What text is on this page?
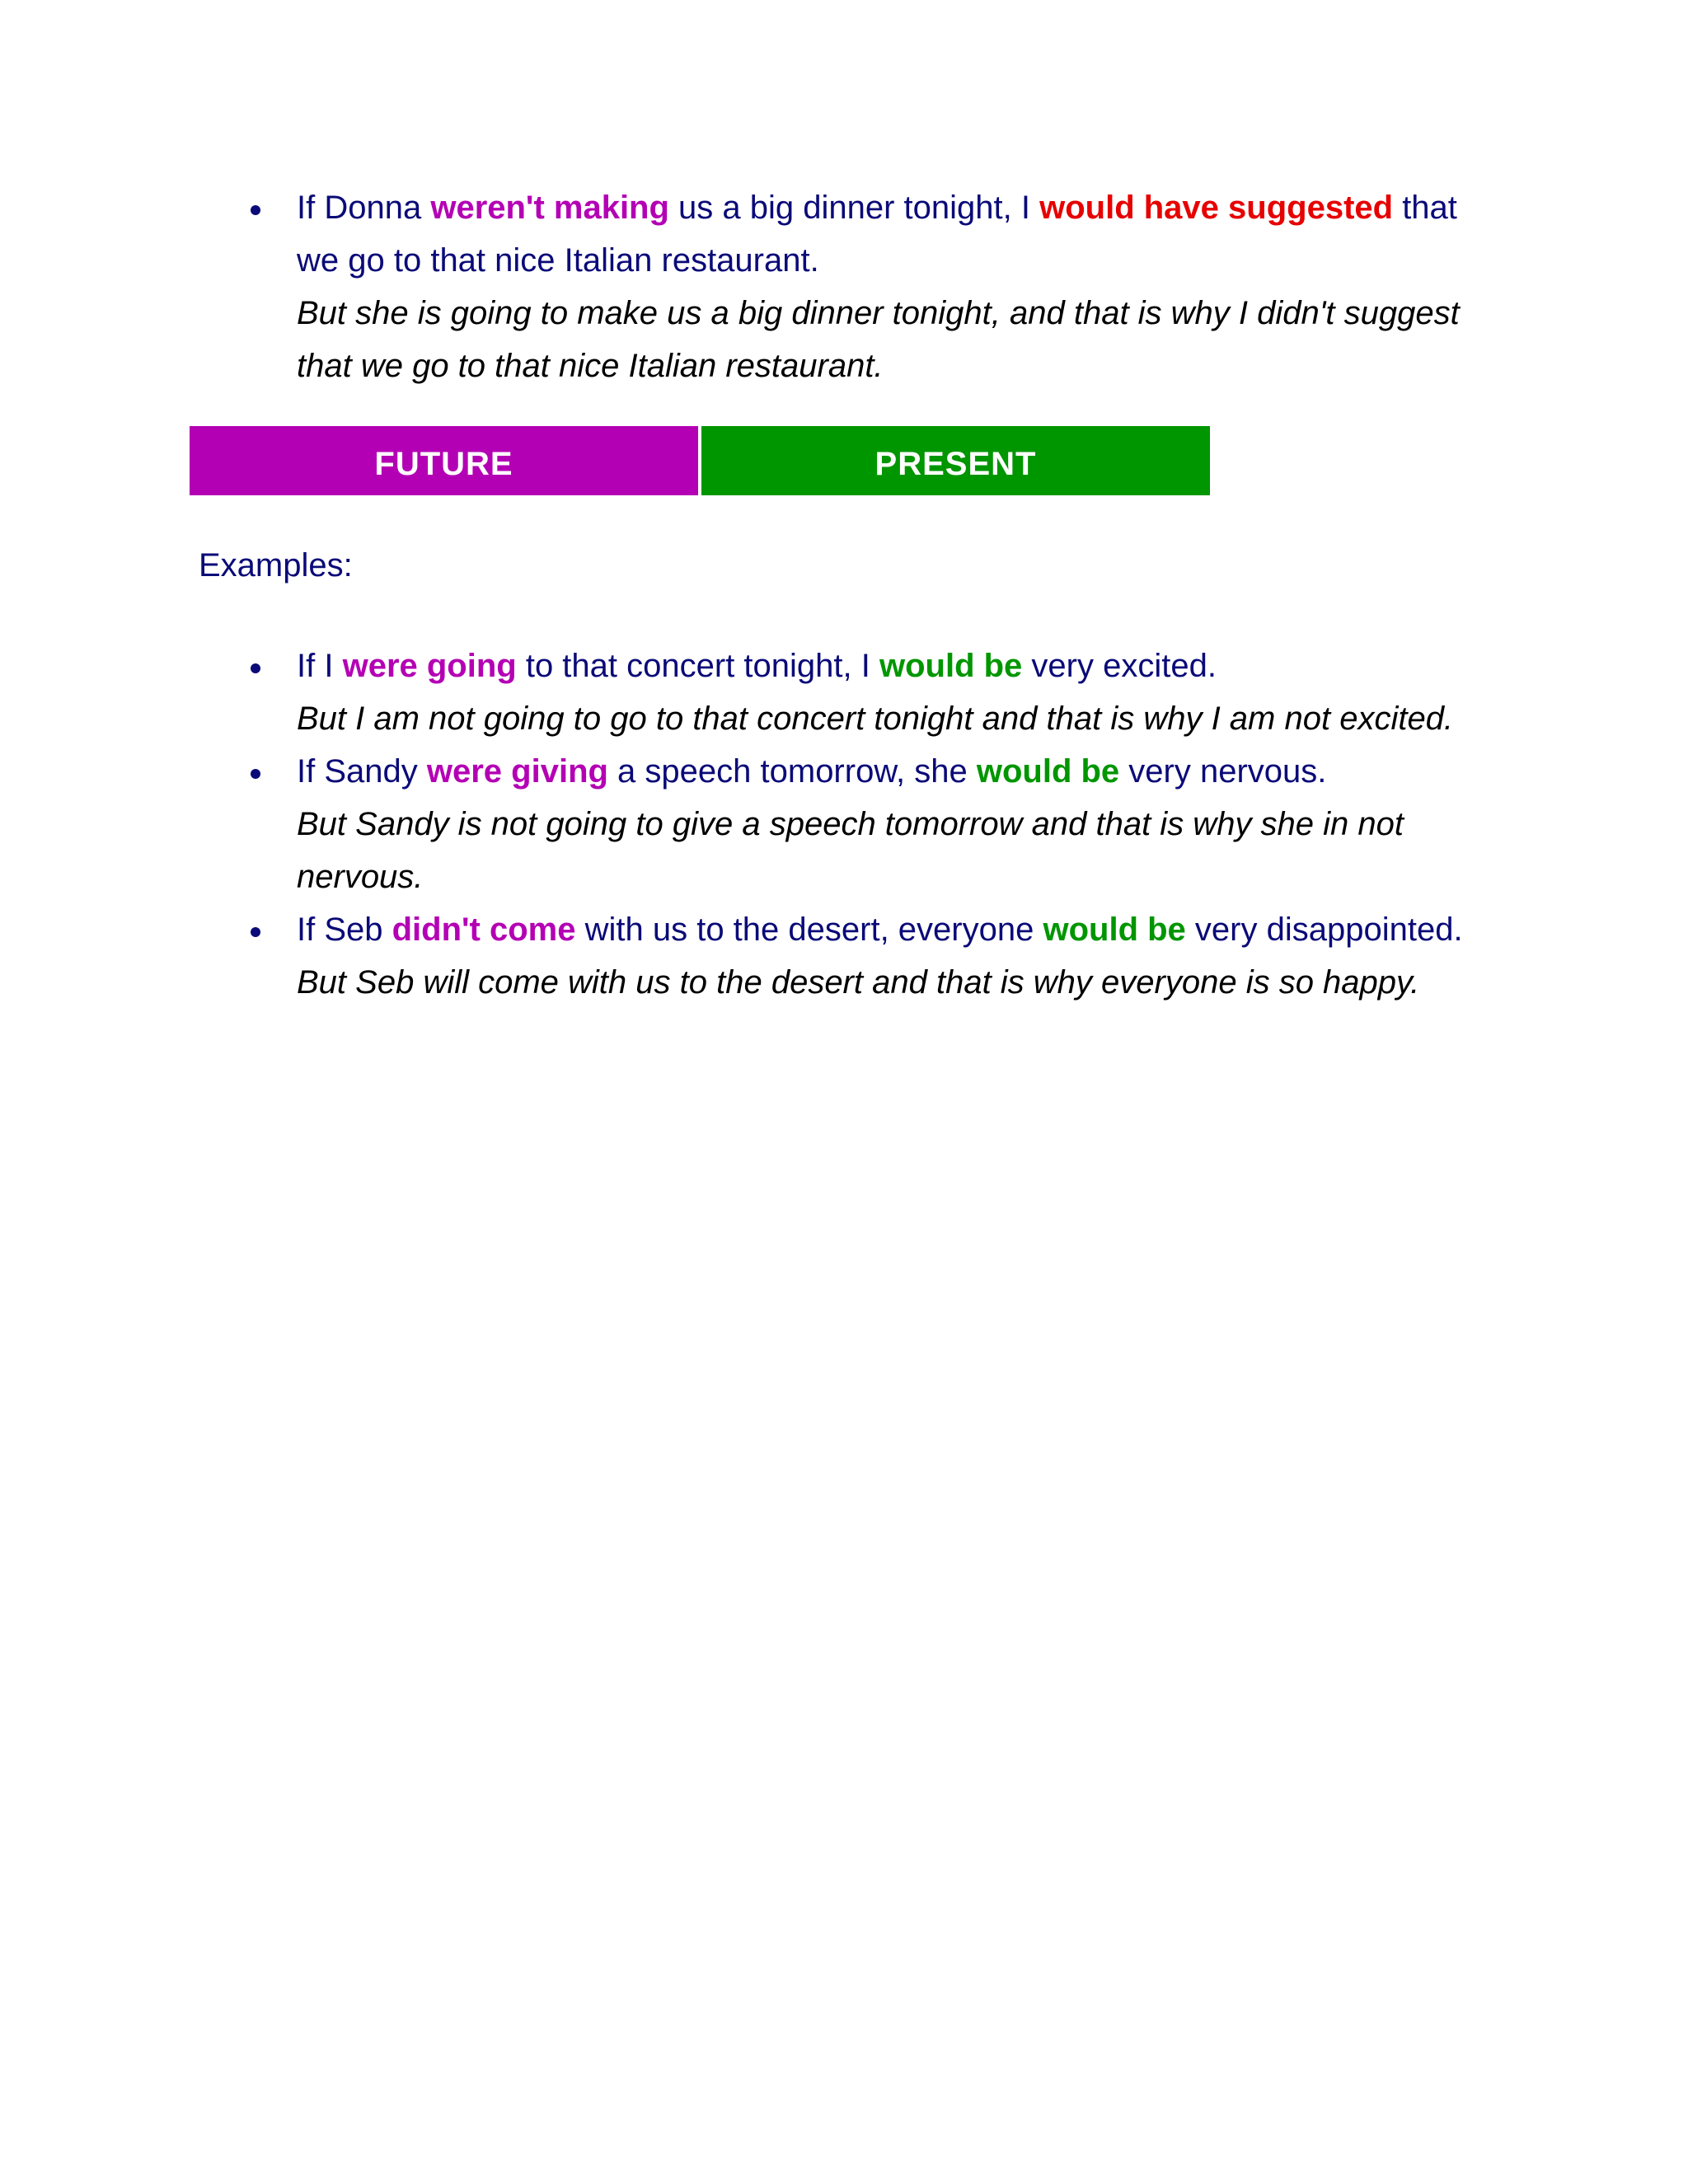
If Donna weren't making us a big dinner tonight, I would have suggested that we go to that nice Italian restaurant.
But she is going to make us a big dinner tonight, and that is why I didn't suggest that we go to that nice Italian restaurant.
FUTURE	PRESENT

Examples:

If I were going to that concert tonight, I would be very excited.
But I am not going to go to that concert tonight and that is why I am not excited.
If Sandy were giving a speech tomorrow, she would be very nervous.
But Sandy is not going to give a speech tomorrow and that is why she in not nervous.
If Seb didn't come with us to the desert, everyone would be very disappointed.
But Seb will come with us to the desert and that is why everyone is so happy.
